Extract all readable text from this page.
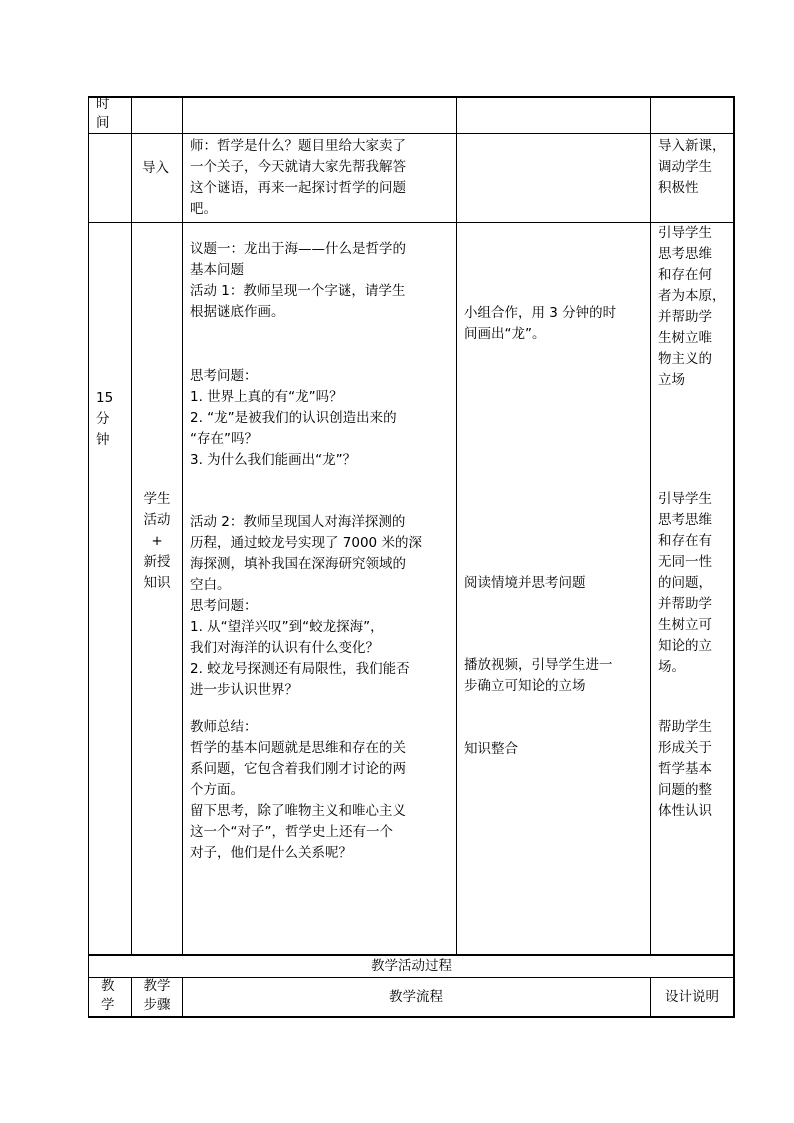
时

间

导入

师：哲学是什么？题目里给大家卖了

一个关子，今天就请大家先帮我解答

这个谜语，再来一起探讨哲学的问题

吧。

导入新课，

调动学生

积极性

15

分

钟

学生

活动

+

新授

知识

议题一：龙出于海——什么是哲学的

基本问题

活动 1：教师呈现一个字谜，请学生

根据谜底作画。

思考问题：

1. 世界上真的有“龙”吗？

2. “龙”是被我们的认识创造出来的

“存在”吗？

3. 为什么我们能画出“龙”？

活动 2：教师呈现国人对海洋探测的

历程，通过蛟龙号实现了 7000 米的深

海探测，填补我国在深海研究领域的

空白。

思考问题：

1. 从“望洋兴叹”到“蛟龙探海”，

我们对海洋的认识有什么变化？

2. 蛟龙号探测还有局限性，我们能否

进一步认识世界？

教师总结：

哲学的基本问题就是思维和存在的关

系问题，它包含着我们刚才讨论的两

个方面。

留下思考，除了唯物主义和唯心主义

这一个“对子”，哲学史上还有一个

对子，他们是什么关系呢？

小组合作，用 3 分钟的时

间画出“龙”。

阅读情境并思考问题

播放视频，引导学生进一

步确立可知论的立场

知识整合

引导学生

思考思维

和存在何

者为本原，

并帮助学

生树立唯

物主义的

立场

引导学生

思考思维

和存在有

无同一性

的问题，

并帮助学

生树立可

知论的立

场。

帮助学生

形成关于

哲学基本

问题的整

体性认识

教学活动过程

教

学

教学

步骤	教学流程	设计说明
